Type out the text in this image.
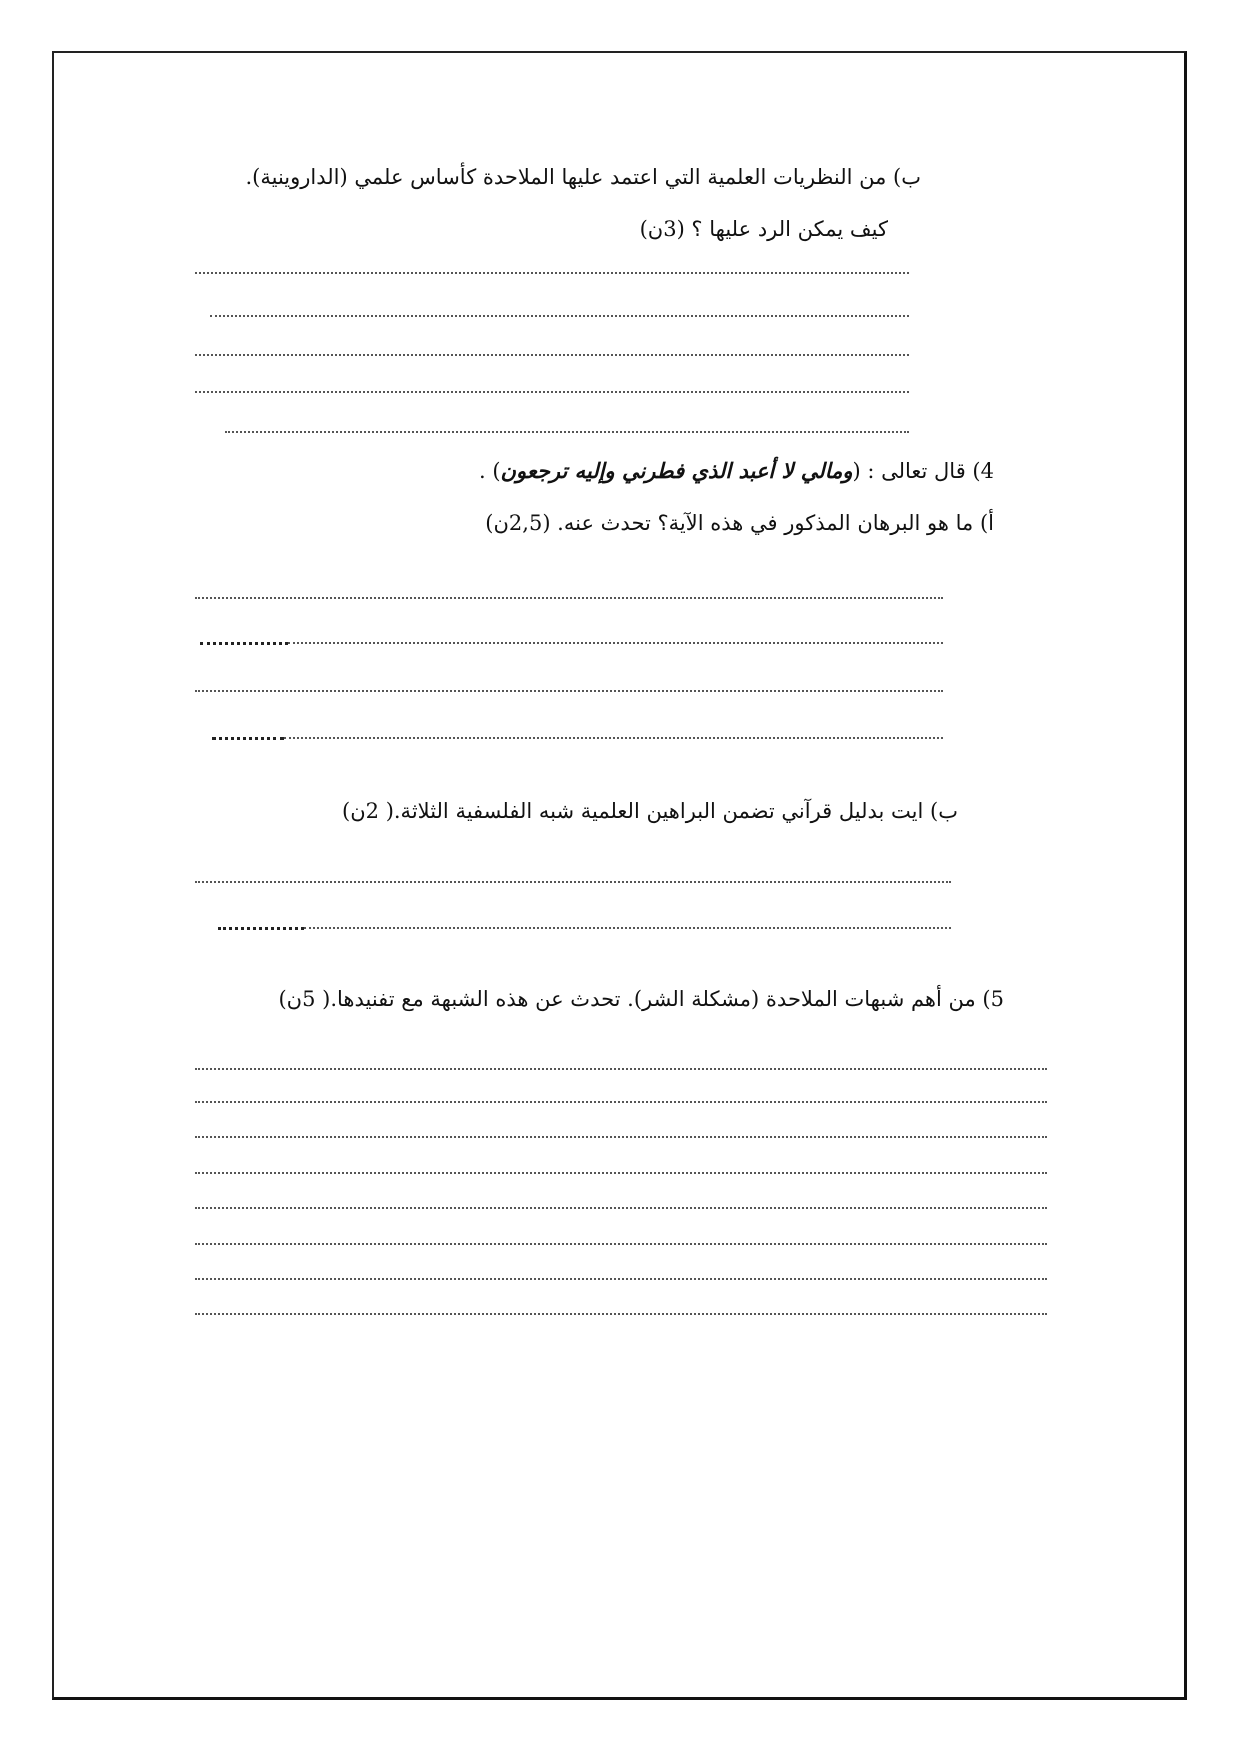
ب) من النظريات العلمية التي اعتمد عليها الملاحدة كأساس علمي (الداروينية).
كيف يمكن الرد عليها ؟ (3ن)
4) قال تعالى : (ومالي لا أعبد الذي فطرني وإليه ترجعون) .
أ) ما هو البرهان المذكور في هذه الآية؟ تحدث عنه. (2,5ن)
ب) ايت بدليل قرآني تضمن البراهين العلمية شبه الفلسفية الثلاثة.( 2ن)
5) من أهم شبهات الملاحدة (مشكلة الشر). تحدث عن هذه الشبهة مع تفنيدها.( 5ن)
